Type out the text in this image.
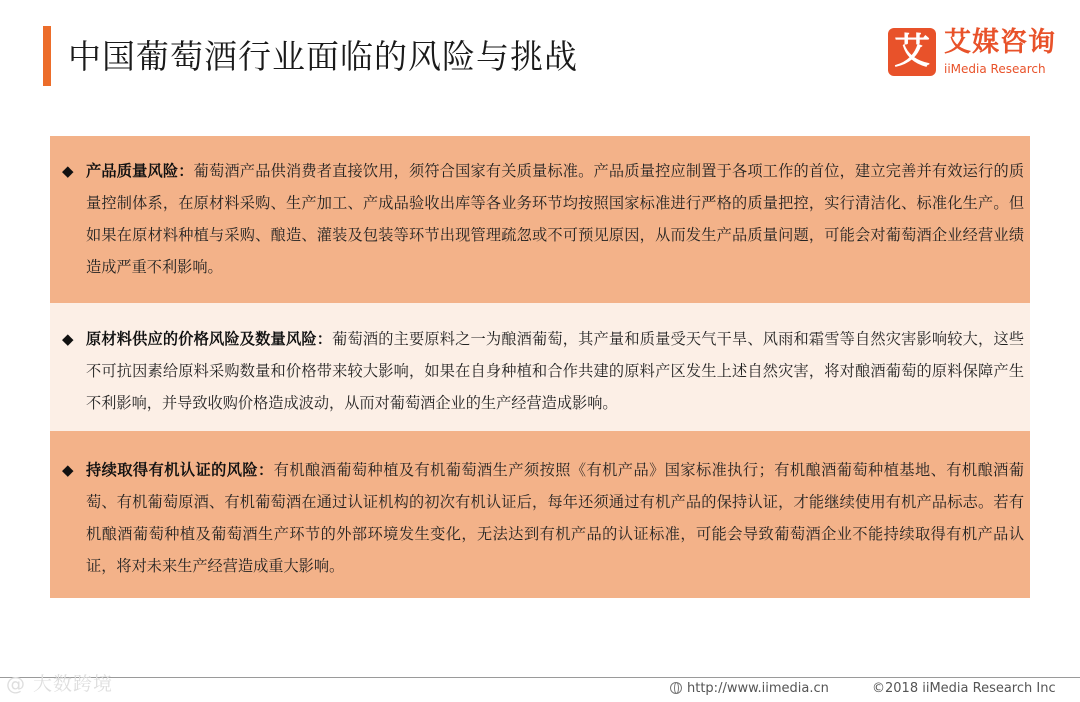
中国葡萄酒行业面临的风险与挑战	艾 艾媒咨询
iiMedia Research
◆ 产品质量风险：葡萄酒产品供消费者直接饮用，须符合国家有关质量标准。产品质量控应制置于各项工作的首位，建立完善并有效运行的质量控制体系，在原材料采购、生产加工、产成品验收出库等各业务环节均按照国家标准进行严格的质量把控，实行清洁化、标准化生产。但如果在原材料种植与采购、酿造、灌装及包装等环节出现管理疏忽或不可预见原因，从而发生产品质量问题，可能会对葡萄酒企业经营业绩造成严重不利影响。

◆ 原材料供应的价格风险及数量风险：葡萄酒的主要原料之一为酿酒葡萄，其产量和质量受天气干旱、风雨和霜雪等自然灾害影响较大，这些不可抗因素给原料采购数量和价格带来较大影响，如果在自身种植和合作共建的原料产区发生上述自然灾害，将对酿酒葡萄的原料保障产生不利影响，并导致收购价格造成波动，从而对葡萄酒企业的生产经营造成影响。

◆ 持续取得有机认证的风险：有机酿酒葡萄种植及有机葡萄酒生产须按照《有机产品》国家标准执行；有机酿酒葡萄种植基地、有机酿酒葡萄、有机葡萄原酒、有机葡萄酒在通过认证机构的初次有机认证后，每年还须通过有机产品的保持认证，才能继续使用有机产品标志。若有机酿酒葡萄种植及葡萄酒生产环节的外部环境发生变化，无法达到有机产品的认证标准，可能会导致葡萄酒企业不能持续取得有机产品认证，将对未来生产经营造成重大影响。

@ 大数跨境	http://www.iimedia.cn	©2018 iiMedia Research Inc
